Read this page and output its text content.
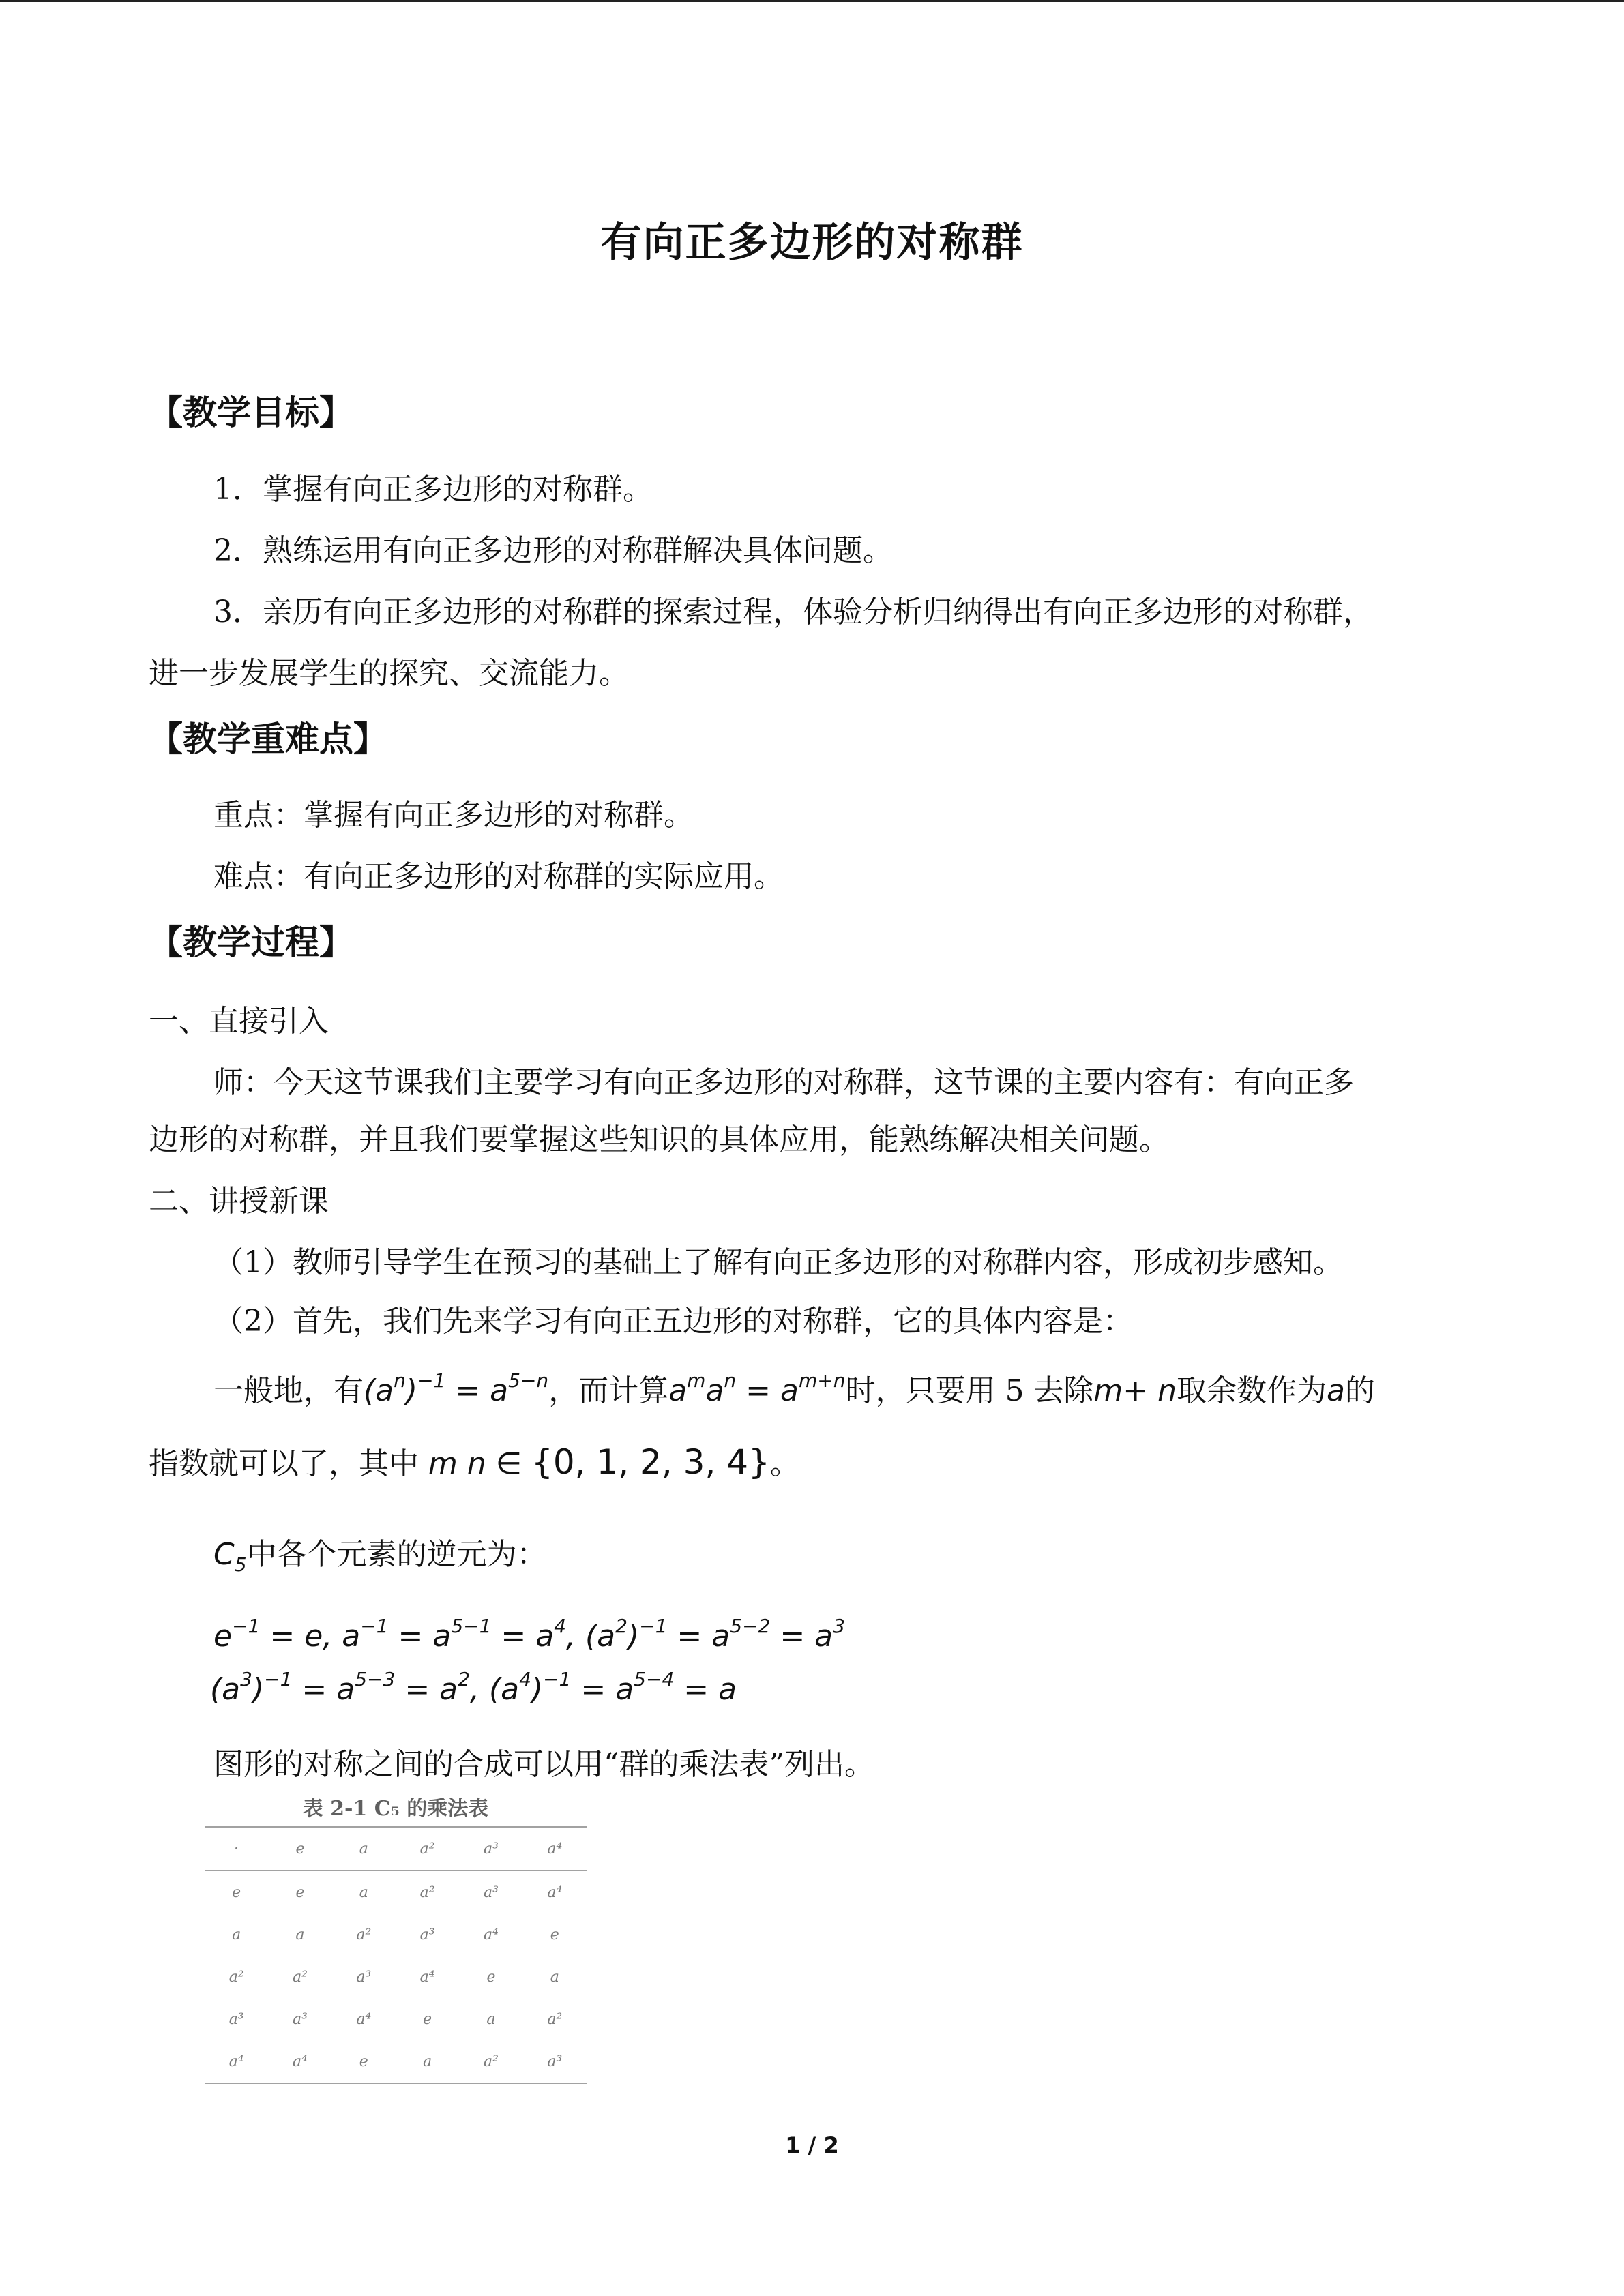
有向正多边形的对称群
【教学目标】
1．掌握有向正多边形的对称群。
2．熟练运用有向正多边形的对称群解决具体问题。
3．亲历有向正多边形的对称群的探索过程，体验分析归纳得出有向正多边形的对称群，
进一步发展学生的探究、交流能力。
【教学重难点】
重点：掌握有向正多边形的对称群。
难点：有向正多边形的对称群的实际应用。
【教学过程】
一、直接引入
师：今天这节课我们主要学习有向正多边形的对称群，这节课的主要内容有：有向正多
边形的对称群，并且我们要掌握这些知识的具体应用，能熟练解决相关问题。
二、讲授新课
（1）教师引导学生在预习的基础上了解有向正多边形的对称群内容，形成初步感知。
（2）首先，我们先来学习有向正五边形的对称群，它的具体内容是：
一般地，有$(a^n)^{-1} = a^{5-n}$，而计算$a^ma^n = a^{m+n}$时，只要用 5 去除m+ n取余数作为a的
指数就可以了，其中 m n ∈ {0, 1, 2, 3, 4}。
$C_5$中各个元素的逆元为：
$e^{-1} = e$, $a^{-1} = a^{5-1} = a^4$, $(a^2)^{-1} = a^{5-2} = a^3$
$(a^3)^{-1} = a^{5-3} = a^2$, $(a^4)^{-1} = a^{5-4} = a$
图形的对称之间的合成可以用“群的乘法表”列出。
表 2-1 C₅ 的乘法表
·	e	a	a²	a³	a⁴
e	e	a	a²	a³	a⁴
a	a	a²	a³	a⁴	e
a²	a²	a³	a⁴	e	a
a³	a³	a⁴	e	a	a²
a⁴	a⁴	e	a	a²	a³
1 / 2
